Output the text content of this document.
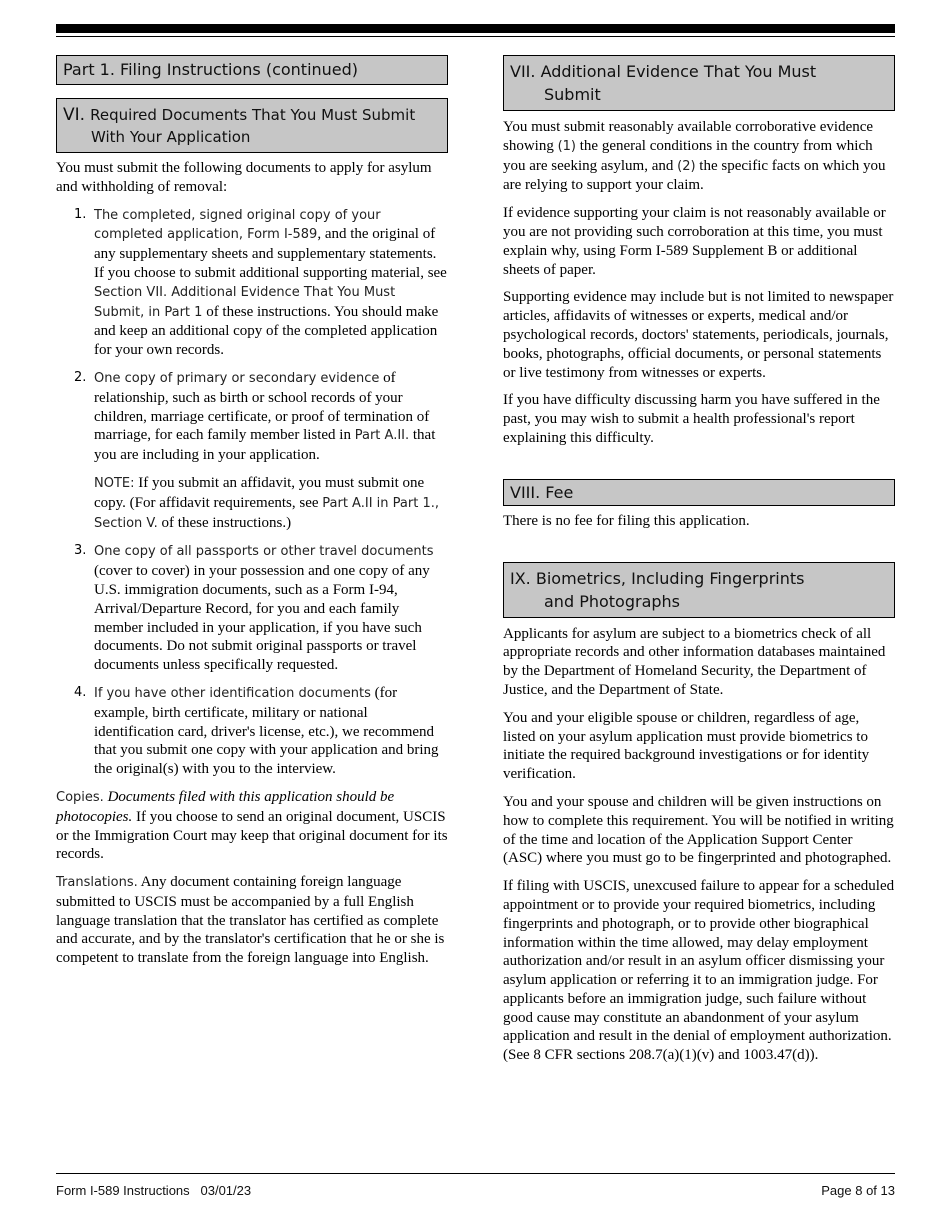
Part 1. Filing Instructions (continued)
VI. Required Documents That You Must Submit
With Your Application

You must submit the following documents to apply for asylum and withholding of removal:

1. The completed, signed original copy of your completed application, Form I-589, and the original of any supplementary sheets and supplementary statements. If you choose to submit additional supporting material, see Section VII. Additional Evidence That You Must Submit, in Part 1 of these instructions. You should make and keep an additional copy of the completed application for your own records.
2. One copy of primary or secondary evidence of relationship, such as birth or school records of your children, marriage certificate, or proof of termination of marriage, for each family member listed in Part A.II. that you are including in your application.

NOTE: If you submit an affidavit, you must submit one copy. (For affidavit requirements, see Part A.II in Part 1., Section V. of these instructions.)

3. One copy of all passports or other travel documents (cover to cover) in your possession and one copy of any U.S. immigration documents, such as a Form I-94, Arrival/Departure Record, for you and each family member included in your application, if you have such documents. Do not submit original passports or travel documents unless specifically requested.
4. If you have other identification documents (for example, birth certificate, military or national identification card, driver's license, etc.), we recommend that you submit one copy with your application and bring the original(s) with you to the interview.

Copies. Documents filed with this application should be photocopies. If you choose to send an original document, USCIS or the Immigration Court may keep that original document for its records.

Translations. Any document containing foreign language submitted to USCIS must be accompanied by a full English language translation that the translator has certified as complete and accurate, and by the translator's certification that he or she is competent to translate from the foreign language into English.

VII. Additional Evidence That You Must
Submit

You must submit reasonably available corroborative evidence showing (1) the general conditions in the country from which you are seeking asylum, and (2) the specific facts on which you are relying to support your claim.

If evidence supporting your claim is not reasonably available or you are not providing such corroboration at this time, you must explain why, using Form I-589 Supplement B or additional sheets of paper.

Supporting evidence may include but is not limited to newspaper articles, affidavits of witnesses or experts, medical and/or psychological records, doctors' statements, periodicals, journals, books, photographs, official documents, or personal statements or live testimony from witnesses or experts.

If you have difficulty discussing harm you have suffered in the past, you may wish to submit a health professional's report explaining this difficulty.

VIII. Fee

There is no fee for filing this application.

IX. Biometrics, Including Fingerprints
and Photographs

Applicants for asylum are subject to a biometrics check of all appropriate records and other information databases maintained by the Department of Homeland Security, the Department of Justice, and the Department of State.

You and your eligible spouse or children, regardless of age, listed on your asylum application must provide biometrics to initiate the required background investigations or for identity verification.

You and your spouse and children will be given instructions on how to complete this requirement. You will be notified in writing of the time and location of the Application Support Center (ASC) where you must go to be fingerprinted and photographed.

If filing with USCIS, unexcused failure to appear for a scheduled appointment or to provide your required biometrics, including fingerprints and photograph, or to provide other biographical information within the time allowed, may delay employment authorization and/or result in an asylum officer dismissing your asylum application or referring it to an immigration judge. For applicants before an immigration judge, such failure without good cause may constitute an abandonment of your asylum application and result in the denial of employment authorization. (See 8 CFR sections 208.7(a)(1)(v) and 1003.47(d)).

Form I-589 Instructions   03/01/23	Page 8 of 13
